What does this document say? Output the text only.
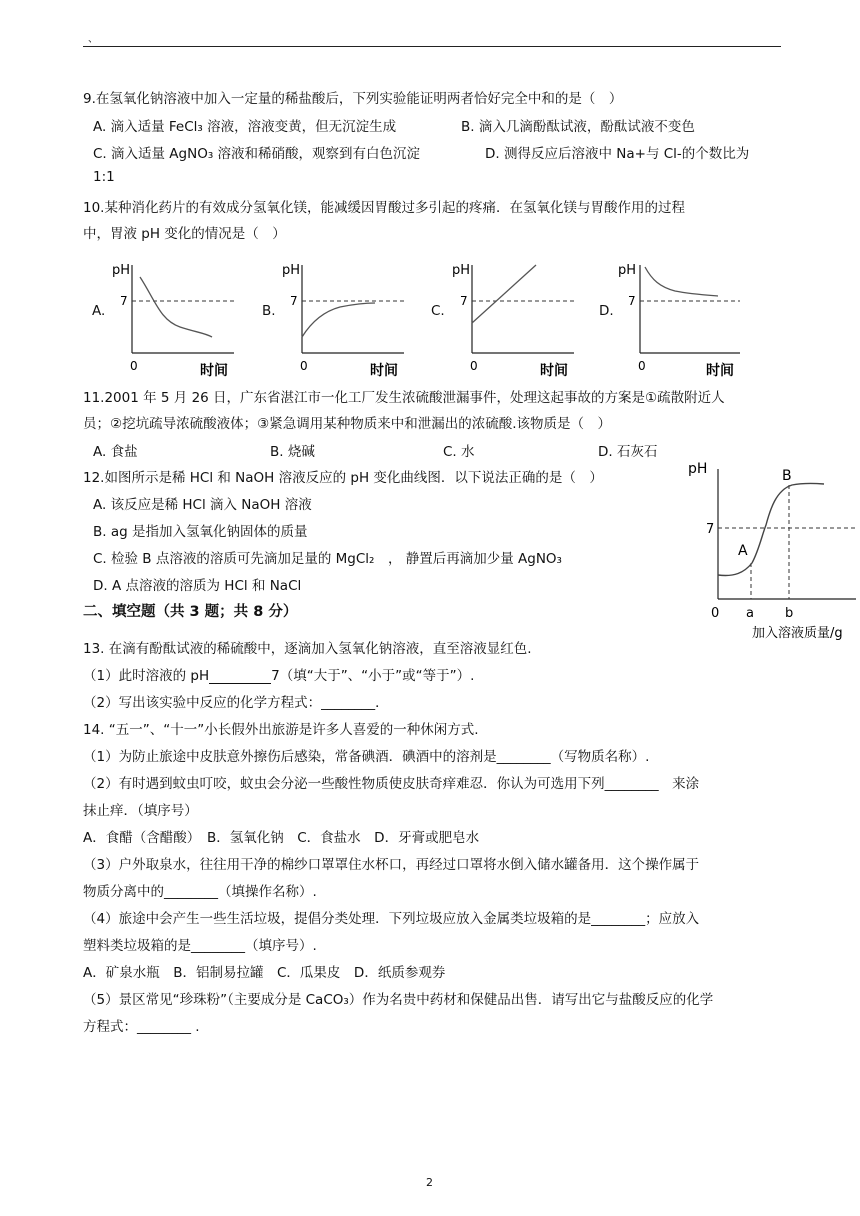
、
9.在氢氧化钠溶液中加入一定量的稀盐酸后，下列实验能证明两者恰好完全中和的是（　）
A. 滴入适量 FeCl₃ 溶液，溶液变黄，但无沉淀生成	B. 滴入几滴酚酞试液，酚酞试液不变色
C. 滴入适量 AgNO₃ 溶液和稀硝酸，观察到有白色沉淀	D. 测得反应后溶液中 Na+与 Cl-的个数比为
1:1
10.某种消化药片的有效成分氢氧化镁，能减缓因胃酸过多引起的疼痛．在氢氧化镁与胃酸作用的过程
中，胃液 pH 变化的情况是（　）
A.
pH
7
0	时间
B.
pH
7
0	时间
C.
pH
7
0	时间
D.
pH
7
0	时间
11.2001 年 5 月 26 日，广东省湛江市一化工厂发生浓硫酸泄漏事件，处理这起事故的方案是①疏散附近人
员；②挖坑疏导浓硫酸液体；③紧急调用某种物质来中和泄漏出的浓硫酸.该物质是（　）
A. 食盐	B. 烧碱	C. 水	D. 石灰石
12.如图所示是稀 HCl 和 NaOH 溶液反应的 pH 变化曲线图．以下说法正确的是（　）
A. 该反应是稀 HCl 滴入 NaOH 溶液
B. ag 是指加入氢氧化钠固体的质量
C. 检验 B 点溶液的溶质可先滴加足量的 MgCl₂　， 静置后再滴加少量 AgNO₃
D. A 点溶液的溶质为 HCl 和 NaCl
pH
7
A
B
0 a b
加入溶液质量/g
二、填空题（共 3 题；共 8 分）
13. 在滴有酚酞试液的稀硫酸中，逐滴加入氢氧化钠溶液，直至溶液显红色.
（1）此时溶液的 pH	7（填“大于”、“小于”或“等于”）.
（2）写出该实验中反应的化学方程式：________．
14. “五一”、“十一”小长假外出旅游是许多人喜爱的一种休闲方式.
（1）为防止旅途中皮肤意外擦伤后感染，常备碘酒．碘酒中的溶剂是________（写物质名称）.
（2）有时遇到蚊虫叮咬，蚊虫会分泌一些酸性物质使皮肤奇痒难忍．你认为可选用下列________　来涂
抹止痒．（填序号）
A．食醋（含醋酸）　B．氢氧化钠　C．食盐水　D．牙膏或肥皂水
（3）户外取泉水，往往用干净的棉纱口罩罩住水杯口，再经过口罩将水倒入储水罐备用．这个操作属于
物质分离中的________（填操作名称）.
（4）旅途中会产生一些生活垃圾，提倡分类处理．下列垃圾应放入金属类垃圾箱的是________；应放入
塑料类垃圾箱的是________（填序号）.
A．矿泉水瓶　B．铝制易拉罐　C．瓜果皮　D．纸质参观券
（5）景区常见“珍珠粉”（主要成分是 CaCO₃）作为名贵中药材和保健品出售．请写出它与盐酸反应的化学
方程式：________ .
2
